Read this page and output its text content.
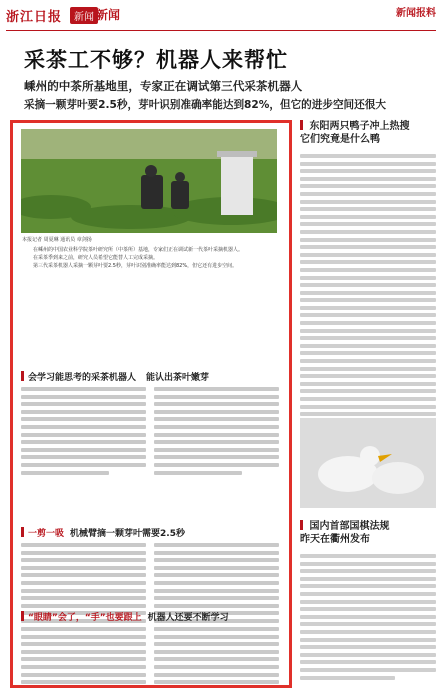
浙江日报	新闻 新闻	新闻报料
采茶工不够？机器人来帮忙
嵊州的中茶所基地里，专家正在调试第三代采茶机器人
采摘一颗芽叶要2.5秒，芽叶识别准确率能达到82%，但它的进步空间还很大
本报记者 周夏琳 通讯员 章剑扬

在嵊州的中国农业科学院茶叶研究所（中茶所）基地，专家们正在调试新一代茶叶采摘机器人。

在采茶季到来之前，研究人员希望它能替人工完成采摘。

第三代采茶机器人采摘一颗芽叶要2.5秒，芽叶识别准确率能达到82%，但它还有进步空间。

会学习能思考的采茶机器人 能认出茶叶嫩芽
一剪一吸 机械臂摘一颗芽叶需要2.5秒
“眼睛”会了，“手”也要跟上 机器人还要不断学习
东阳两只鸭子冲上热搜
它们究竟是什么鸭
国内首部国棋法规
昨天在衢州发布
